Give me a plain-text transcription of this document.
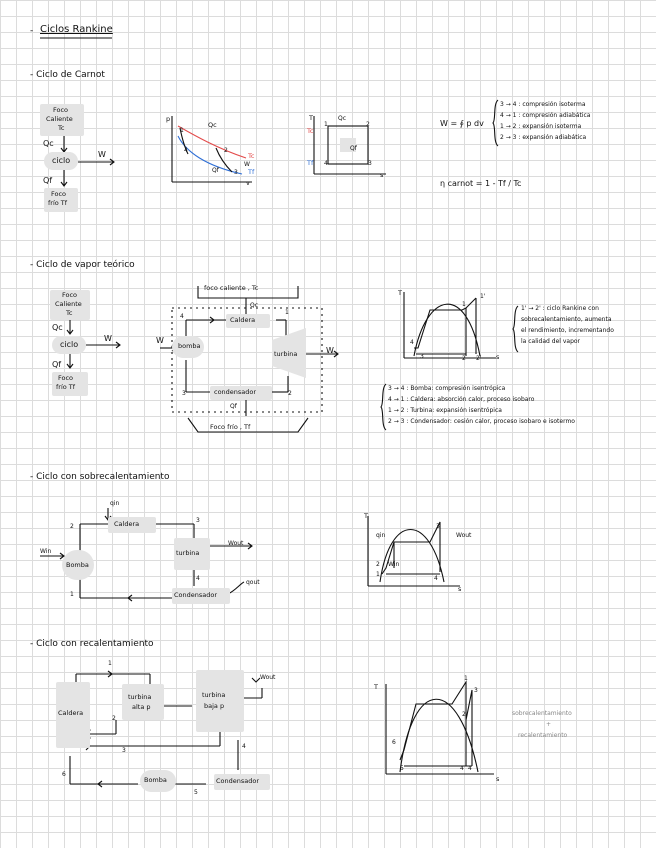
- Ciclos Rankine
- Ciclo de Carnot
Foco
Caliente
Tc
Qc
ciclo
W
Qf
Foco
frío Tf
p
v
Qc
Qf
Tc
Tf
W
1
2
3
4
T
s
Tc
Tf
Qc
Qf
1	2
3
4
W = ∮ p dv
3 → 4 : compresión isoterma
4 → 1 : compresión adiabática
1 → 2 : expansión isoterma
2 → 3 : expansión adiabática
η carnot = 1 - Tf / Tc
- Ciclo de vapor teórico
Foco
Caliente
Tc
Qc
ciclo
W
Qf
Foco
frío Tf
foco caliente , Tc
Qc
Caldera
bomba
turbina
condensador
W
W
Qf
Foco frío , Tf
1
2
3
4
T
s
1
1'
2 2'
3
4
1' → 2' : ciclo Rankine con
sobrecalentamiento, aumenta
el rendimiento, incrementando
la calidad del vapor
3 → 4 : Bomba: compresión isentrópica
4 → 1 : Caldera: absorción calor, proceso isobaro
1 → 2 : Turbina: expansión isentrópica
2 → 3 : Condensador: cesión calor, proceso isobaro e isotermo
- Ciclo con sobrecalentamiento
qin
Caldera
turbina
Wout
Win
Bomba
Condensador
qout
1
2
3
4
T
s
qin
Win
Wout
1
2
3
4
- Ciclo con recalentamiento
Caldera
turbina
alta p
turbina
baja p
Wout
Bomba	Condensador
1
2
3
4
5
6
T
s
1
2
3
4 4
5
6
sobrecalentamiento
+
recalentamiento
